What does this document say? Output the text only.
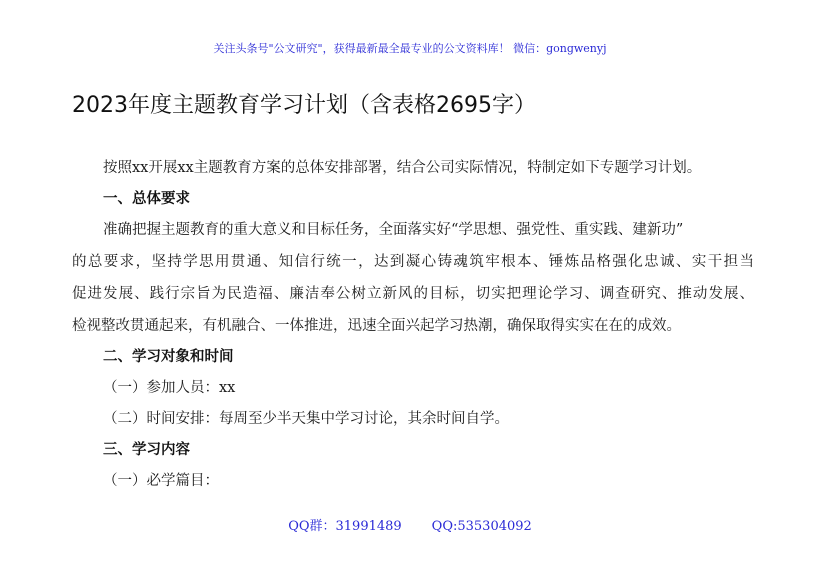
关注头条号"公文研究"，获得最新最全最专业的公文资料库！ 微信：gongwenyj
2023年度主题教育学习计划（含表格2695字）
按照xx开展xx主题教育方案的总体安排部署，结合公司实际情况，特制定如下专题学习计划。
一、总体要求
准确把握主题教育的重大意义和目标任务，全面落实好“学思想、强党性、重实践、建新功”
的总要求，坚持学思用贯通、知信行统一，达到凝心铸魂筑牢根本、锤炼品格强化忠诚、实干担当
促进发展、践行宗旨为民造福、廉洁奉公树立新风的目标，切实把理论学习、调查研究、推动发展、
检视整改贯通起来，有机融合、一体推进，迅速全面兴起学习热潮，确保取得实实在在的成效。
二、学习对象和时间
（一）参加人员：xx
（二）时间安排：每周至少半天集中学习讨论，其余时间自学。
三、学习内容
（一）必学篇目：
QQ群：31991489 QQ:535304092
